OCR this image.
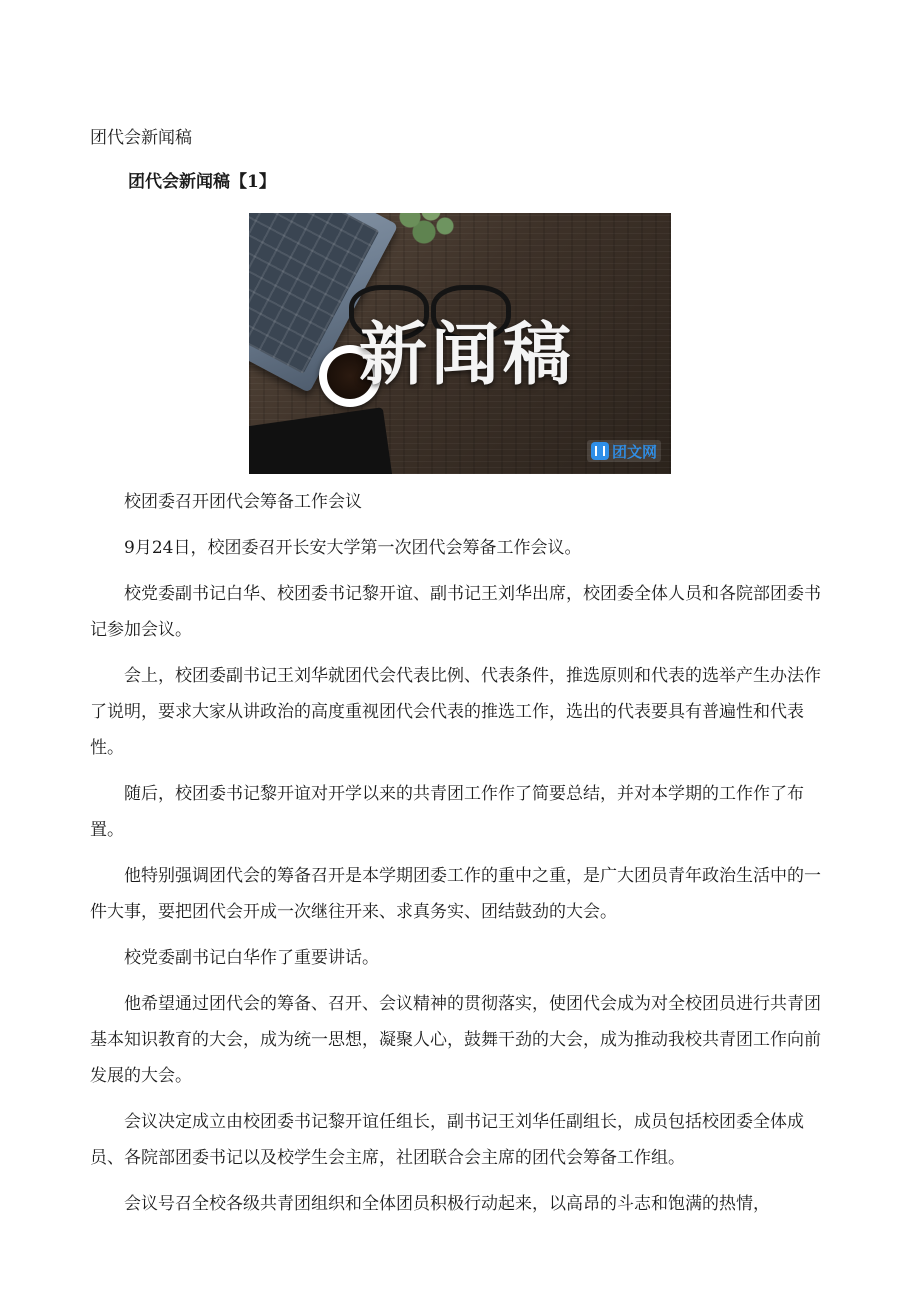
团代会新闻稿
团代会新闻稿【1】
新闻稿
团文网

校团委召开团代会筹备工作会议

9月24日，校团委召开长安大学第一次团代会筹备工作会议。

校党委副书记白华、校团委书记黎开谊、副书记王刘华出席，校团委全体人员和各院部团委书记参加会议。

会上，校团委副书记王刘华就团代会代表比例、代表条件，推选原则和代表的选举产生办法作了说明，要求大家从讲政治的高度重视团代会代表的推选工作，选出的代表要具有普遍性和代表性。

随后，校团委书记黎开谊对开学以来的共青团工作作了简要总结，并对本学期的工作作了布置。

他特别强调团代会的筹备召开是本学期团委工作的重中之重，是广大团员青年政治生活中的一件大事，要把团代会开成一次继往开来、求真务实、团结鼓劲的大会。

校党委副书记白华作了重要讲话。

他希望通过团代会的筹备、召开、会议精神的贯彻落实，使团代会成为对全校团员进行共青团基本知识教育的大会，成为统一思想，凝聚人心，鼓舞干劲的大会，成为推动我校共青团工作向前发展的大会。

会议决定成立由校团委书记黎开谊任组长，副书记王刘华任副组长，成员包括校团委全体成员、各院部团委书记以及校学生会主席，社团联合会主席的团代会筹备工作组。

会议号召全校各级共青团组织和全体团员积极行动起来，以高昂的斗志和饱满的热情，
